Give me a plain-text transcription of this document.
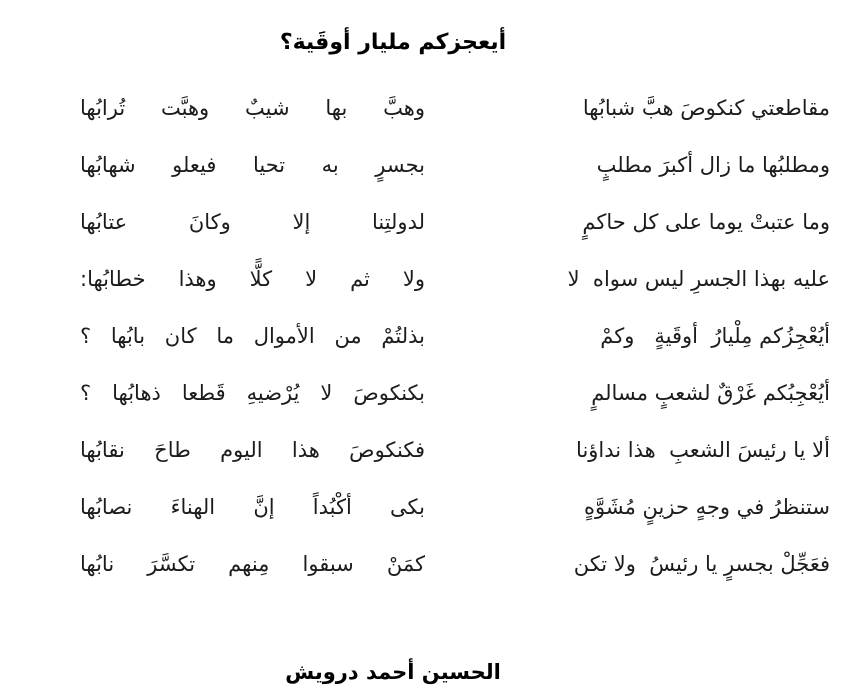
أيعجزكم مليار أوقَية؟
مقاطعتي كنكوصَ هبَّ شبابُها
وهبَّ بها شيبٌ وهبَّت تُرابُها
ومطلبُها ما زال أكبرَ مطلبٍ
بجسرٍ به تحيا فيعلو شهابُها
وما عتبتْ يوما على كل حاكمٍ
لدولتِنا إلا وكانَ عتابُها
عليه بهذا الجسرِ ليس سواه  لا
ولا ثم لا كلًّا وهذا خطابُها:
أيُعْجِزُكم مِلْيارُ  أوقَيةٍ   وكمْ
بذلتُمْ من الأموال ما كان بابُها ؟
أيُعْجِبُكم غَرْقٌ لشعبٍ مسالمٍ
بكنكوصَ لا يُرْضيهِ قَطعا ذهابُها ؟
ألا يا رئيسَ الشعبِ  هذا نداؤنا
فكنكوصَ هذا اليوم طاحَ نقابُها
ستنظرُ في وجهٍ حزينٍ مُشَوَّهٍ
بكى أكْبُداً إنَّ الهناءَ نصابُها
فعَجِّلْ بجسرٍ يا رئيسُ  ولا تكن
كمَنْ سبقوا مِنهم تكسَّرَ نابُها
الحسين أحمد درويش
